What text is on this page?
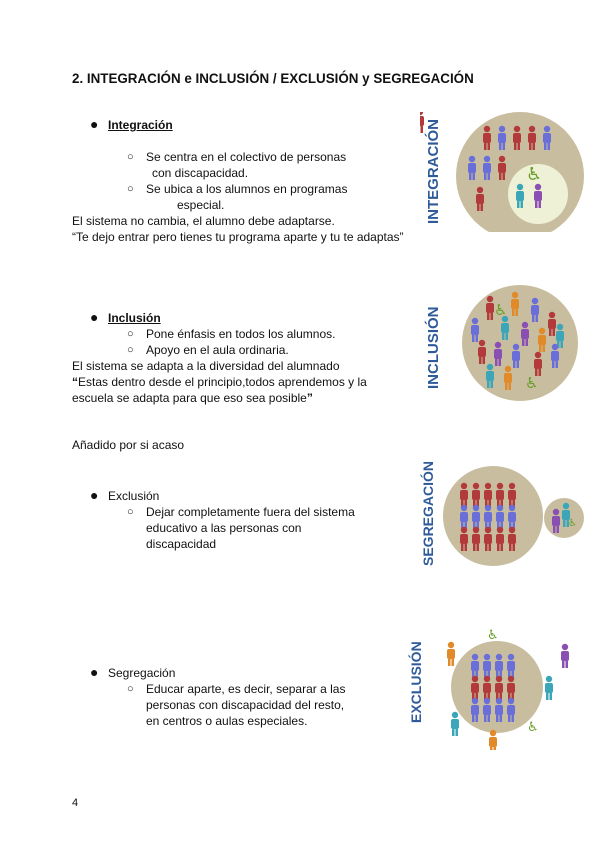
2. INTEGRACIÓN e INCLUSIÓN / EXCLUSIÓN y SEGREGACIÓN
● Integración
○ Se centra en el colectivo de personas
con discapacidad.
○ Se ubica a los alumnos en programas
especial.
El sistema no cambia, el alumno debe adaptarse.
“Te dejo entrar pero tienes tu programa aparte y tu te adaptas”
● Inclusión
○ Pone énfasis en todos los alumnos.
○ Apoyo en el aula ordinaria.
El sistema se adapta a la diversidad del alumnado
“Estas dentro desde el principio,todos aprendemos y la
escuela se adapta para que eso sea posible”
Añadido por si acaso
● Exclusión
○ Dejar completamente fuera del sistema
educativo a las personas con
discapacidad
● Segregación
○ Educar aparte, es decir, separar a las
personas con discapacidad del resto,
en centros o aulas especiales.
INTEGRACIÓN	♿
INCLUSIÓN	♿
♿
SEGREGACIÓN	♿
EXCLUSIÓN
♿
♿
4
